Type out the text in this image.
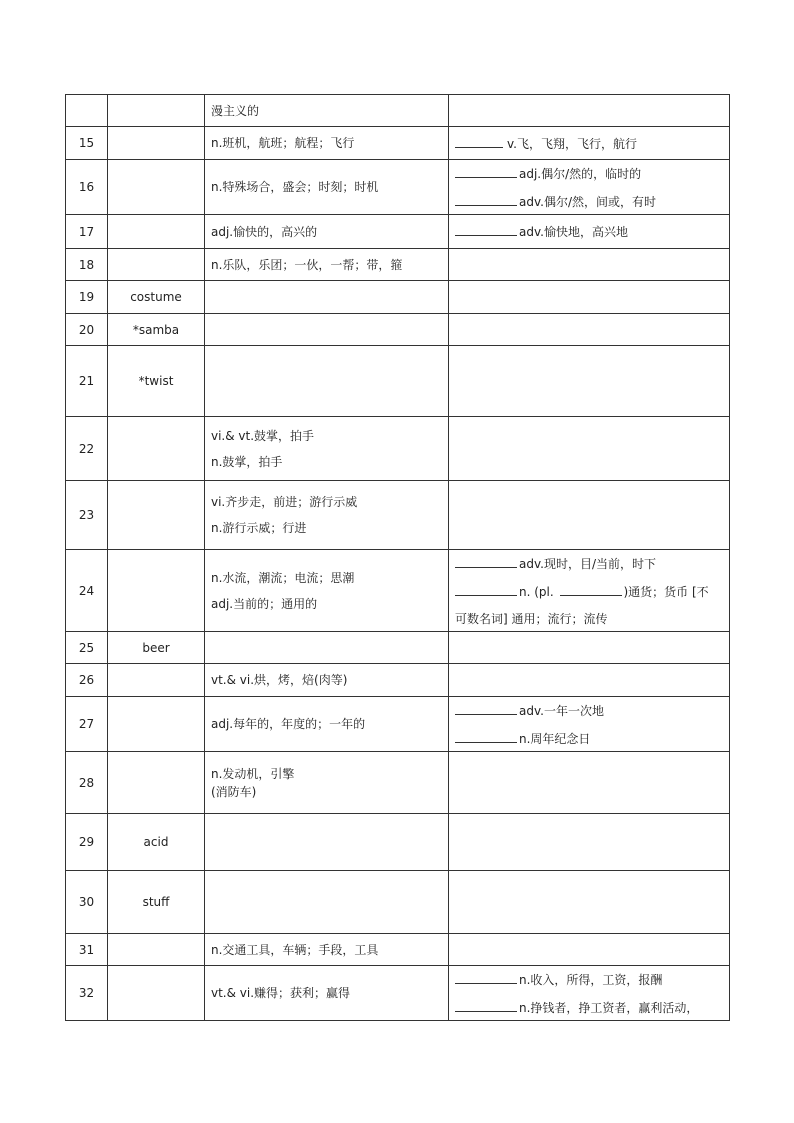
		漫主义的	

15		n.班机，航班；航程；飞行	v.飞，飞翔，飞行，航行

16		n.特殊场合，盛会；时刻；时机	adj.偶尔/然的，临时的
adv.偶尔/然，间或，有时

17		adj.愉快的，高兴的	adv.愉快地，高兴地

18		n.乐队，乐团；一伙，一帮；带，箍	

19	costume		
20	*samba		
21	*twist		
22		vi.& vt.鼓掌，拍手
n.鼓掌，拍手	

23		vi.齐步走，前进；游行示威
n.游行示威；行进	

24		n.水流，潮流；电流；思潮
adj.当前的；通用的	adv.现时，目/当前，时下
n. (pl. )通货；货币 [不
可数名词] 通用；流行；流传

25	beer		
26		vt.& vi.烘，烤，焙(肉等)	

27		adj.每年的，年度的；一年的	adv.一年一次地
n.周年纪念日

28		n.发动机，引擎
(消防车)	

29	acid		
30	stuff		
31		n.交通工具，车辆；手段，工具	

32		vt.& vi.赚得；获利；赢得	n.收入，所得，工资，报酬
n.挣钱者，挣工资者，赢利活动，
